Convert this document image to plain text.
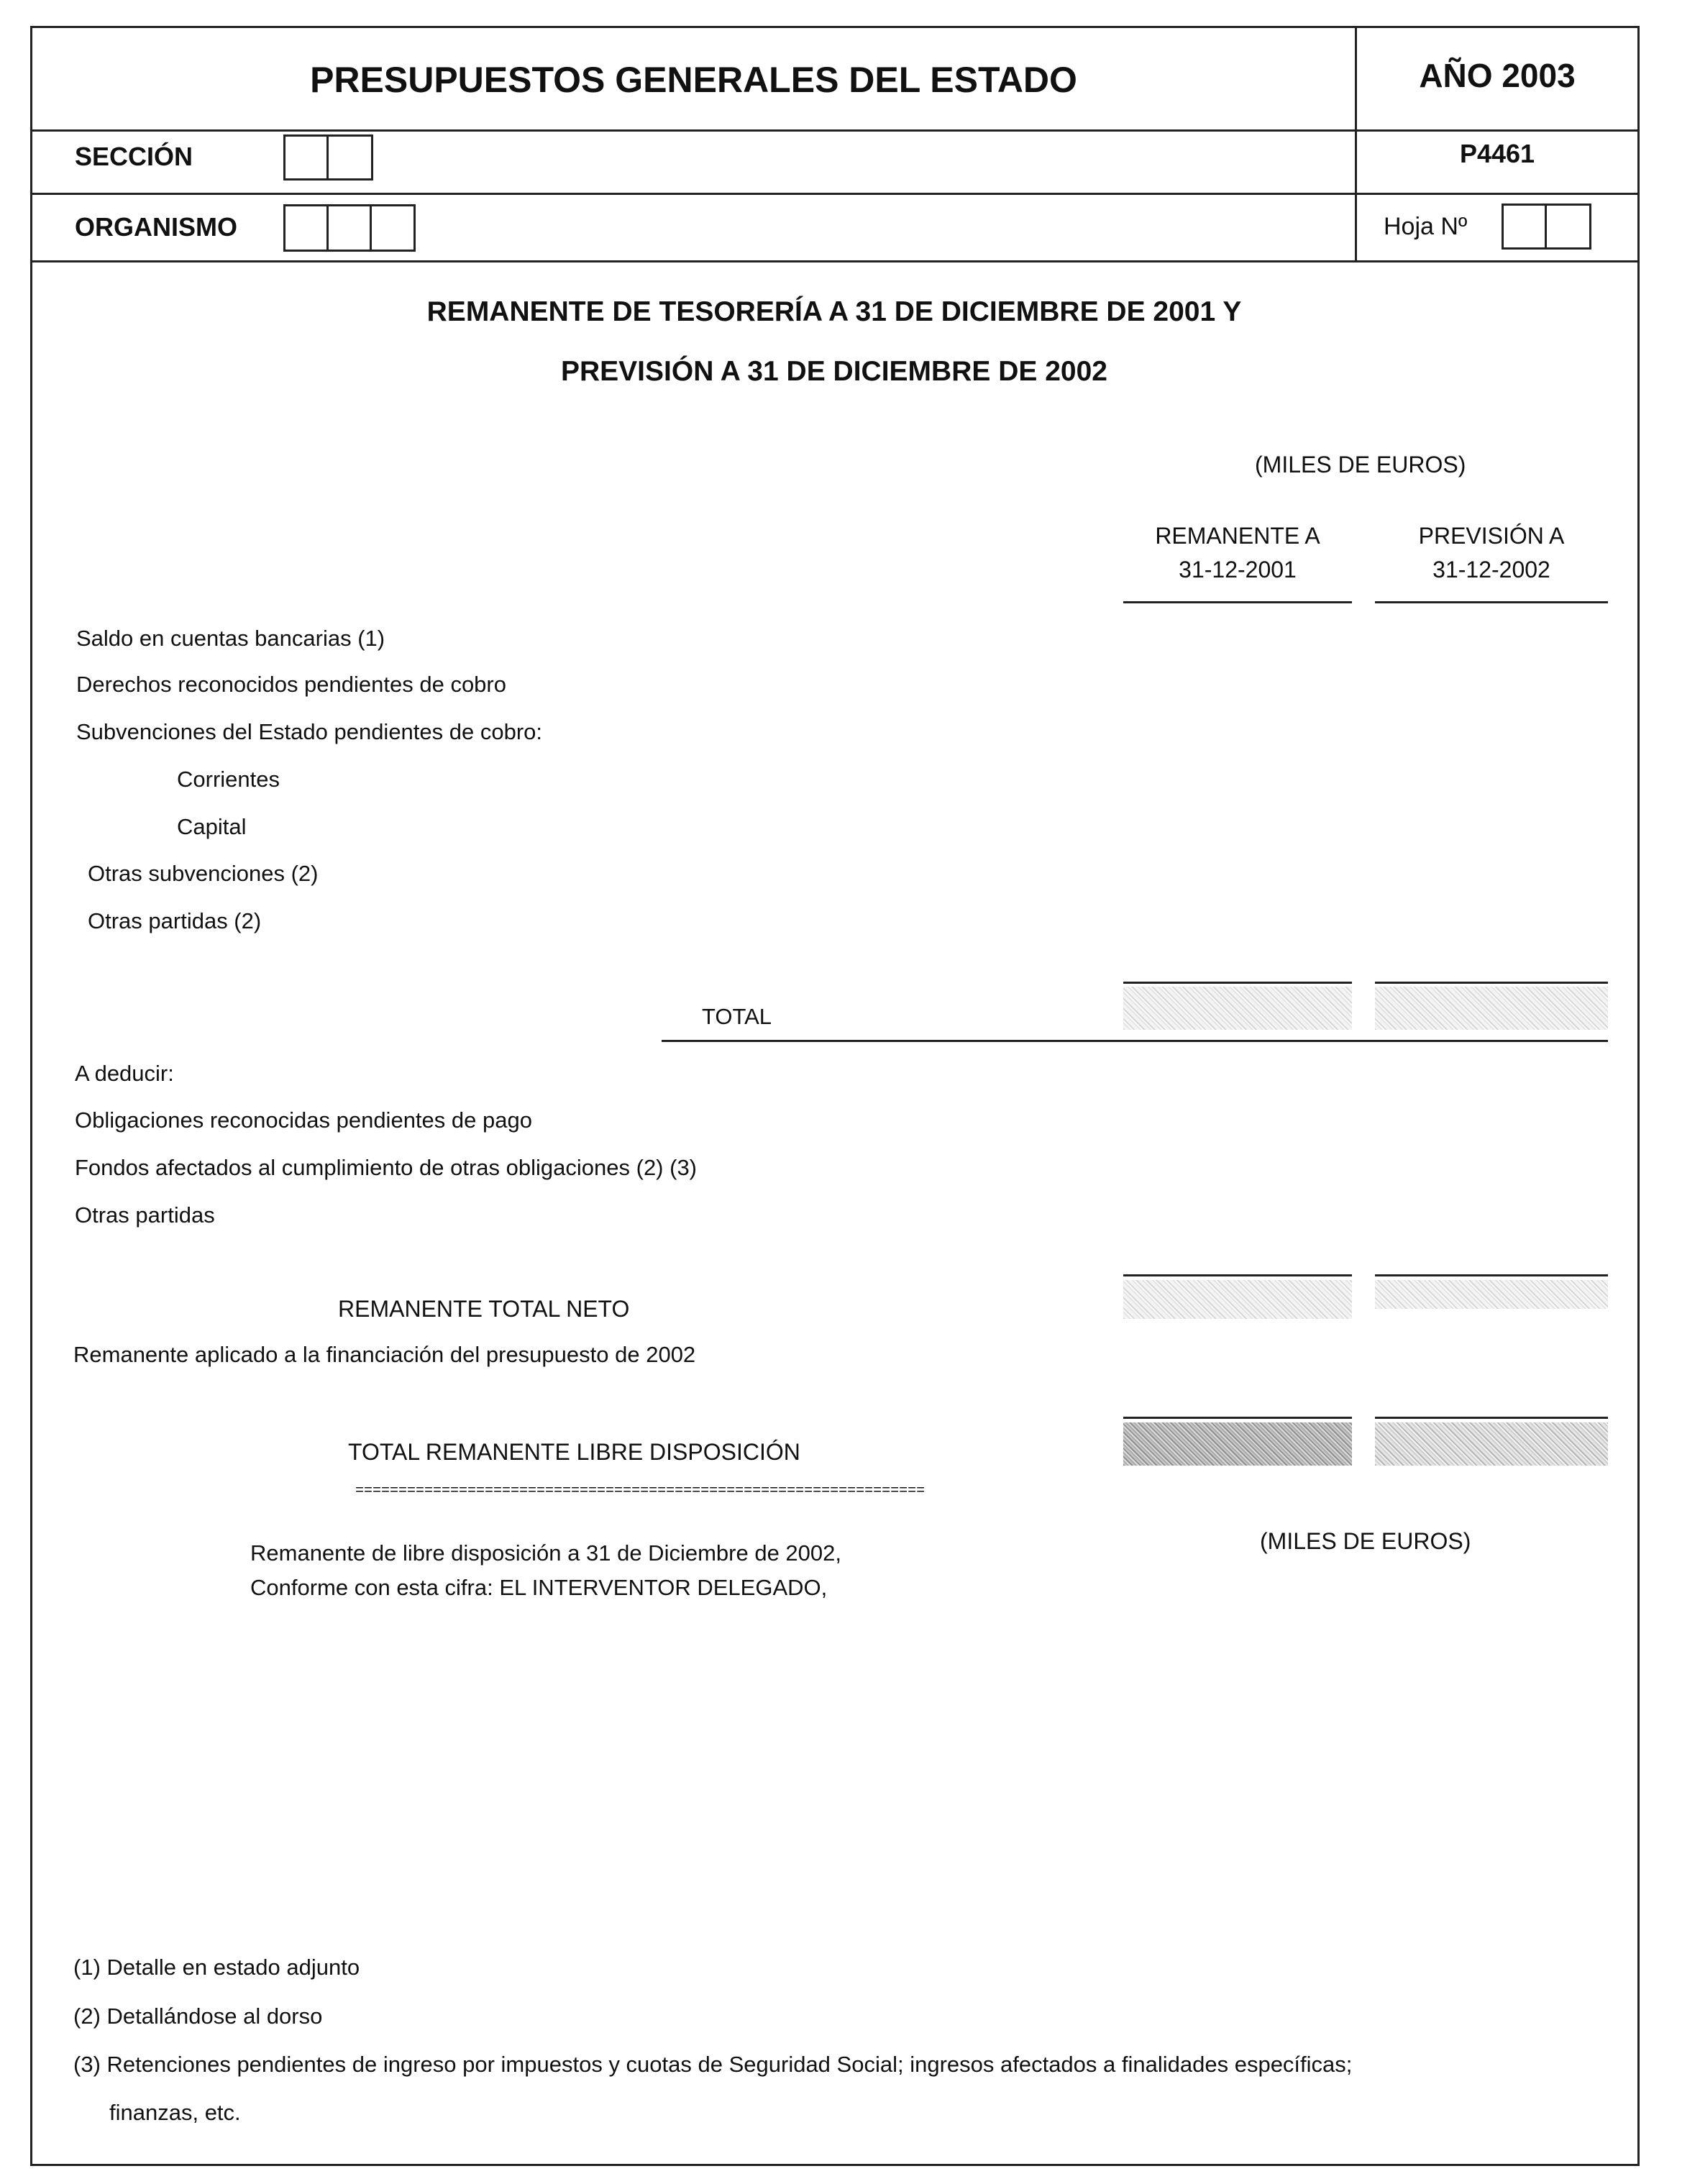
PRESUPUESTOS GENERALES DEL ESTADO	AÑO 2003
SECCIÓN	P4461
ORGANISMO	Hoja Nº
REMANENTE DE TESORERÍA A 31 DE DICIEMBRE DE 2001 Y
PREVISIÓN A 31 DE DICIEMBRE DE 2002
(MILES DE EUROS)
REMANENTE A
31-12-2001
PREVISIÓN A
31-12-2002
Saldo en cuentas bancarias (1)
Derechos reconocidos pendientes de cobro
Subvenciones del Estado pendientes de cobro:
Corrientes
Capital
Otras subvenciones (2)
Otras partidas (2)
TOTAL
A deducir:
Obligaciones reconocidas pendientes de pago
Fondos afectados al cumplimiento de otras obligaciones (2) (3)
Otras partidas
REMANENTE TOTAL NETO
Remanente aplicado a la financiación del presupuesto de 2002
TOTAL REMANENTE LIBRE DISPOSICIÓN
==================================================================
Remanente de libre disposición a 31 de Diciembre de 2002,
Conforme con esta cifra: EL INTERVENTOR DELEGADO,
(MILES DE EUROS)
(1) Detalle en estado adjunto
(2) Detallándose al dorso
(3) Retenciones pendientes de ingreso por impuestos y cuotas de Seguridad Social; ingresos afectados a finalidades específicas;
finanzas, etc.
